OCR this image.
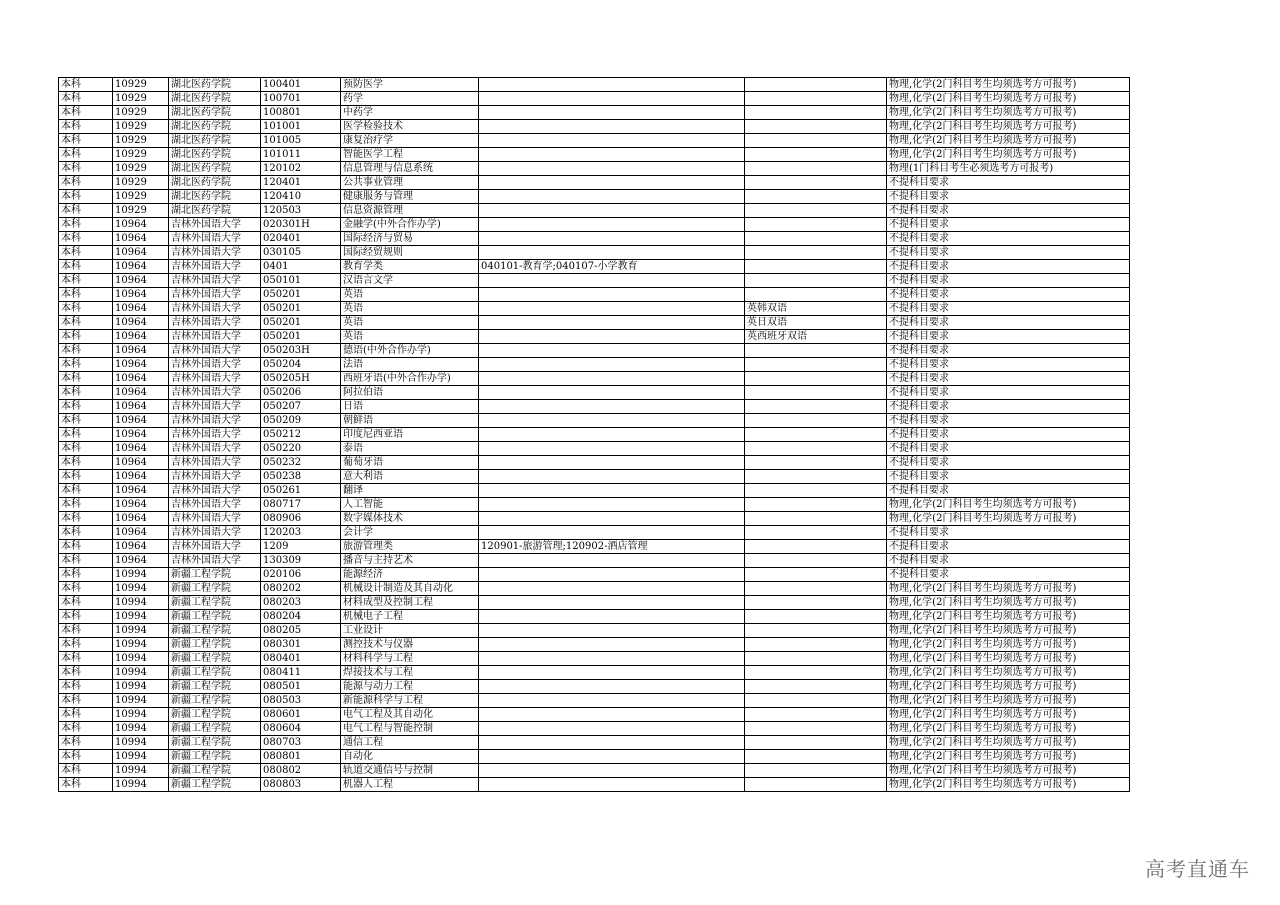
本科	10929	湖北医药学院	100401	预防医学			物理,化学(2门科目考生均须选考方可报考)
本科	10929	湖北医药学院	100701	药学			物理,化学(2门科目考生均须选考方可报考)
本科	10929	湖北医药学院	100801	中药学			物理,化学(2门科目考生均须选考方可报考)
本科	10929	湖北医药学院	101001	医学检验技术			物理,化学(2门科目考生均须选考方可报考)
本科	10929	湖北医药学院	101005	康复治疗学			物理,化学(2门科目考生均须选考方可报考)
本科	10929	湖北医药学院	101011	智能医学工程			物理,化学(2门科目考生均须选考方可报考)
本科	10929	湖北医药学院	120102	信息管理与信息系统			物理(1门科目考生必须选考方可报考)
本科	10929	湖北医药学院	120401	公共事业管理			不提科目要求
本科	10929	湖北医药学院	120410	健康服务与管理			不提科目要求
本科	10929	湖北医药学院	120503	信息资源管理			不提科目要求
本科	10964	吉林外国语大学	020301H	金融学(中外合作办学)			不提科目要求
本科	10964	吉林外国语大学	020401	国际经济与贸易			不提科目要求
本科	10964	吉林外国语大学	030105	国际经贸规则			不提科目要求
本科	10964	吉林外国语大学	0401	教育学类	040101-教育学;040107-小学教育		不提科目要求
本科	10964	吉林外国语大学	050101	汉语言文学			不提科目要求
本科	10964	吉林外国语大学	050201	英语			不提科目要求
本科	10964	吉林外国语大学	050201	英语		英韩双语	不提科目要求
本科	10964	吉林外国语大学	050201	英语		英日双语	不提科目要求
本科	10964	吉林外国语大学	050201	英语		英西班牙双语	不提科目要求
本科	10964	吉林外国语大学	050203H	德语(中外合作办学)			不提科目要求
本科	10964	吉林外国语大学	050204	法语			不提科目要求
本科	10964	吉林外国语大学	050205H	西班牙语(中外合作办学)			不提科目要求
本科	10964	吉林外国语大学	050206	阿拉伯语			不提科目要求
本科	10964	吉林外国语大学	050207	日语			不提科目要求
本科	10964	吉林外国语大学	050209	朝鲜语			不提科目要求
本科	10964	吉林外国语大学	050212	印度尼西亚语			不提科目要求
本科	10964	吉林外国语大学	050220	泰语			不提科目要求
本科	10964	吉林外国语大学	050232	葡萄牙语			不提科目要求
本科	10964	吉林外国语大学	050238	意大利语			不提科目要求
本科	10964	吉林外国语大学	050261	翻译			不提科目要求
本科	10964	吉林外国语大学	080717	人工智能			物理,化学(2门科目考生均须选考方可报考)
本科	10964	吉林外国语大学	080906	数字媒体技术			物理,化学(2门科目考生均须选考方可报考)
本科	10964	吉林外国语大学	120203	会计学			不提科目要求
本科	10964	吉林外国语大学	1209	旅游管理类	120901-旅游管理;120902-酒店管理		不提科目要求
本科	10964	吉林外国语大学	130309	播音与主持艺术			不提科目要求
本科	10994	新疆工程学院	020106	能源经济			不提科目要求
本科	10994	新疆工程学院	080202	机械设计制造及其自动化			物理,化学(2门科目考生均须选考方可报考)
本科	10994	新疆工程学院	080203	材料成型及控制工程			物理,化学(2门科目考生均须选考方可报考)
本科	10994	新疆工程学院	080204	机械电子工程			物理,化学(2门科目考生均须选考方可报考)
本科	10994	新疆工程学院	080205	工业设计			物理,化学(2门科目考生均须选考方可报考)
本科	10994	新疆工程学院	080301	测控技术与仪器			物理,化学(2门科目考生均须选考方可报考)
本科	10994	新疆工程学院	080401	材料科学与工程			物理,化学(2门科目考生均须选考方可报考)
本科	10994	新疆工程学院	080411	焊接技术与工程			物理,化学(2门科目考生均须选考方可报考)
本科	10994	新疆工程学院	080501	能源与动力工程			物理,化学(2门科目考生均须选考方可报考)
本科	10994	新疆工程学院	080503	新能源科学与工程			物理,化学(2门科目考生均须选考方可报考)
本科	10994	新疆工程学院	080601	电气工程及其自动化			物理,化学(2门科目考生均须选考方可报考)
本科	10994	新疆工程学院	080604	电气工程与智能控制			物理,化学(2门科目考生均须选考方可报考)
本科	10994	新疆工程学院	080703	通信工程			物理,化学(2门科目考生均须选考方可报考)
本科	10994	新疆工程学院	080801	自动化			物理,化学(2门科目考生均须选考方可报考)
本科	10994	新疆工程学院	080802	轨道交通信号与控制			物理,化学(2门科目考生均须选考方可报考)
本科	10994	新疆工程学院	080803	机器人工程			物理,化学(2门科目考生均须选考方可报考)
高考直通车
